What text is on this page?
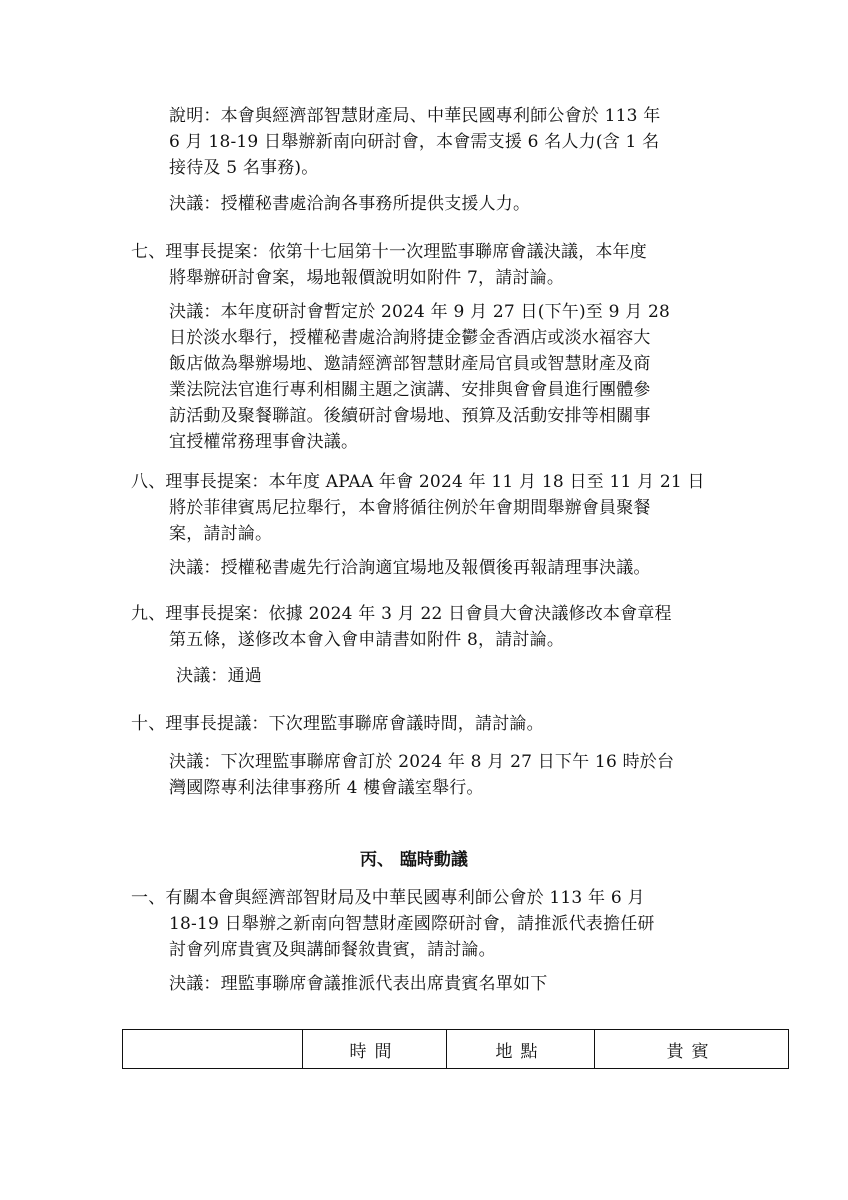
說明：本會與經濟部智慧財產局、中華民國專利師公會於 113 年
6 月 18-19 日舉辦新南向研討會，本會需支援 6 名人力(含 1 名
接待及 5 名事務)。
決議：授權秘書處洽詢各事務所提供支援人力。
七、理事長提案：依第十七屆第十一次理監事聯席會議決議，本年度
將舉辦研討會案，場地報價說明如附件 7，請討論。
決議：本年度研討會暫定於 2024 年 9 月 27 日(下午)至 9 月 28
日於淡水舉行，授權秘書處洽詢將捷金鬱金香酒店或淡水福容大
飯店做為舉辦場地、邀請經濟部智慧財產局官員或智慧財產及商
業法院法官進行專利相關主題之演講、安排與會會員進行團體參
訪活動及聚餐聯誼。後續研討會場地、預算及活動安排等相關事
宜授權常務理事會決議。
八、理事長提案：本年度 APAA 年會 2024 年 11 月 18 日至 11 月 21 日
將於菲律賓馬尼拉舉行，本會將循往例於年會期間舉辦會員聚餐
案，請討論。
決議：授權秘書處先行洽詢適宜場地及報價後再報請理事決議。
九、理事長提案：依據 2024 年 3 月 22 日會員大會決議修改本會章程
第五條，遂修改本會入會申請書如附件 8，請討論。
決議：通過
十、理事長提議：下次理監事聯席會議時間，請討論。
決議：下次理監事聯席會訂於 2024 年 8 月 27 日下午 16 時於台
灣國際專利法律事務所 4 樓會議室舉行。
丙、 臨時動議
一、有關本會與經濟部智財局及中華民國專利師公會於 113 年 6 月
18-19 日舉辦之新南向智慧財產國際研討會，請推派代表擔任研
討會列席貴賓及與講師餐敘貴賓，請討論。
決議：理監事聯席會議推派代表出席貴賓名單如下
	時間	地點	貴賓
